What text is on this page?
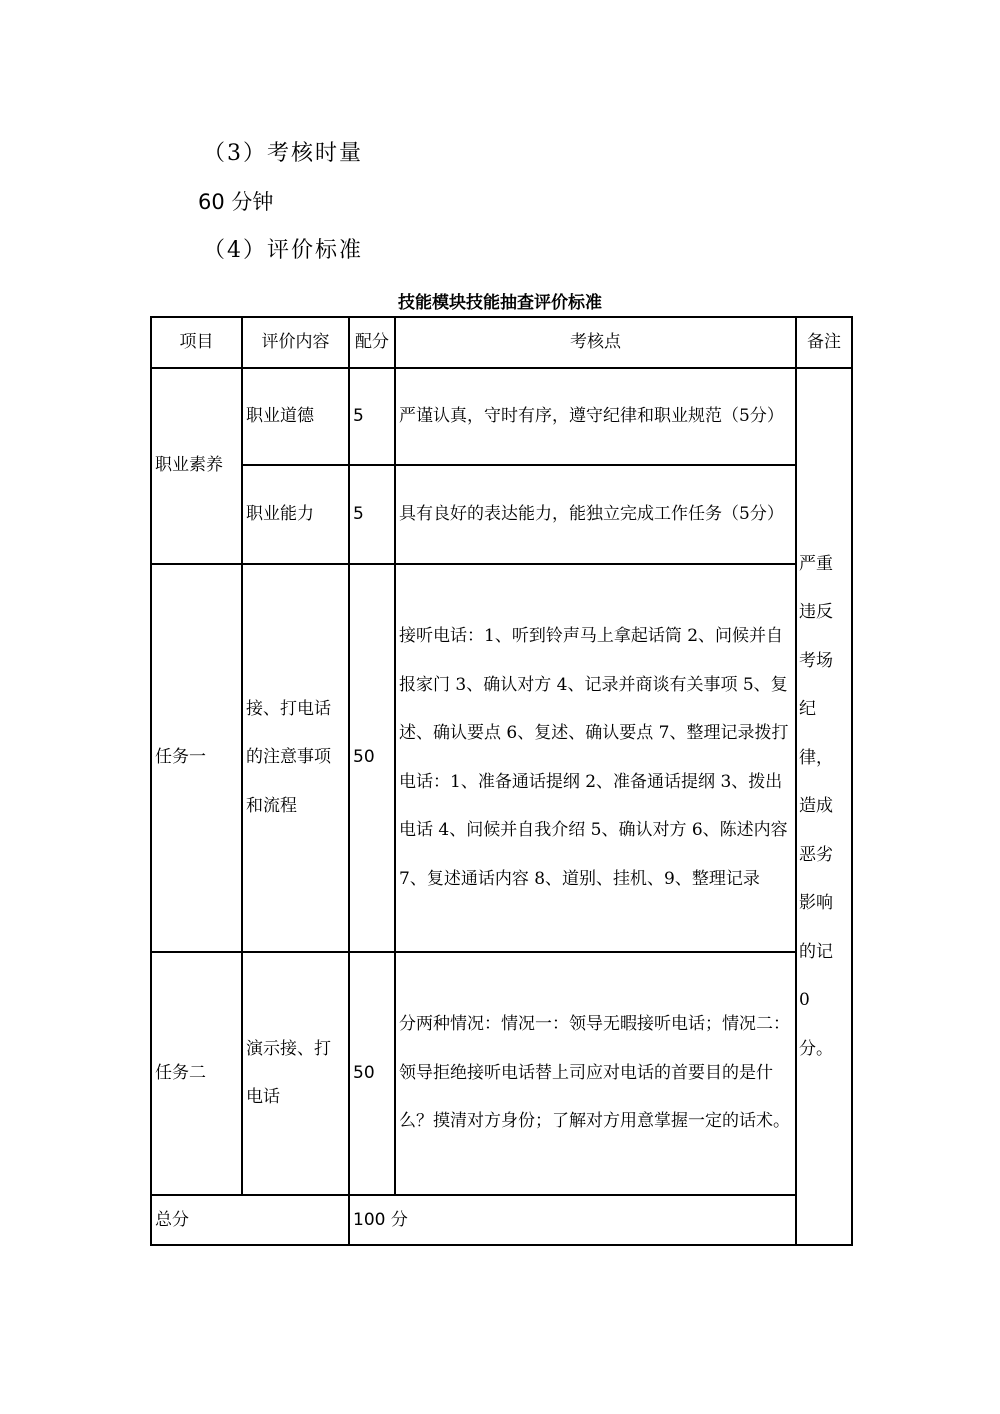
（3）考核时量
60 分钟
（4）评价标准
技能模块技能抽查评价标准
项目	评价内容	配分	考核点	备注
职业素养	职业道德	5	严谨认真，守时有序，遵守纪律和职业规范（5分）	严重违反考场纪律，造成恶劣影响的记 0 分。
	职业能力	5	具有良好的表达能力，能独立完成工作任务（5分）	
任务一	接、打电话的注意事项和流程	50	接听电话：1、听到铃声马上拿起话筒 2、问候并自报家门 3、确认对方 4、记录并商谈有关事项 5、复述、确认要点 6、复述、确认要点 7、整理记录拨打电话：1、准备通话提纲 2、准备通话提纲 3、拨出电话 4、问候并自我介绍 5、确认对方 6、陈述内容 7、复述通话内容 8、道别、挂机、9、整理记录	
任务二	演示接、打电话	50	分两种情况：情况一：领导无暇接听电话；情况二：领导拒绝接听电话替上司应对电话的首要目的是什么？摸清对方身份；了解对方用意掌握一定的话术。	
总分		100 分		
